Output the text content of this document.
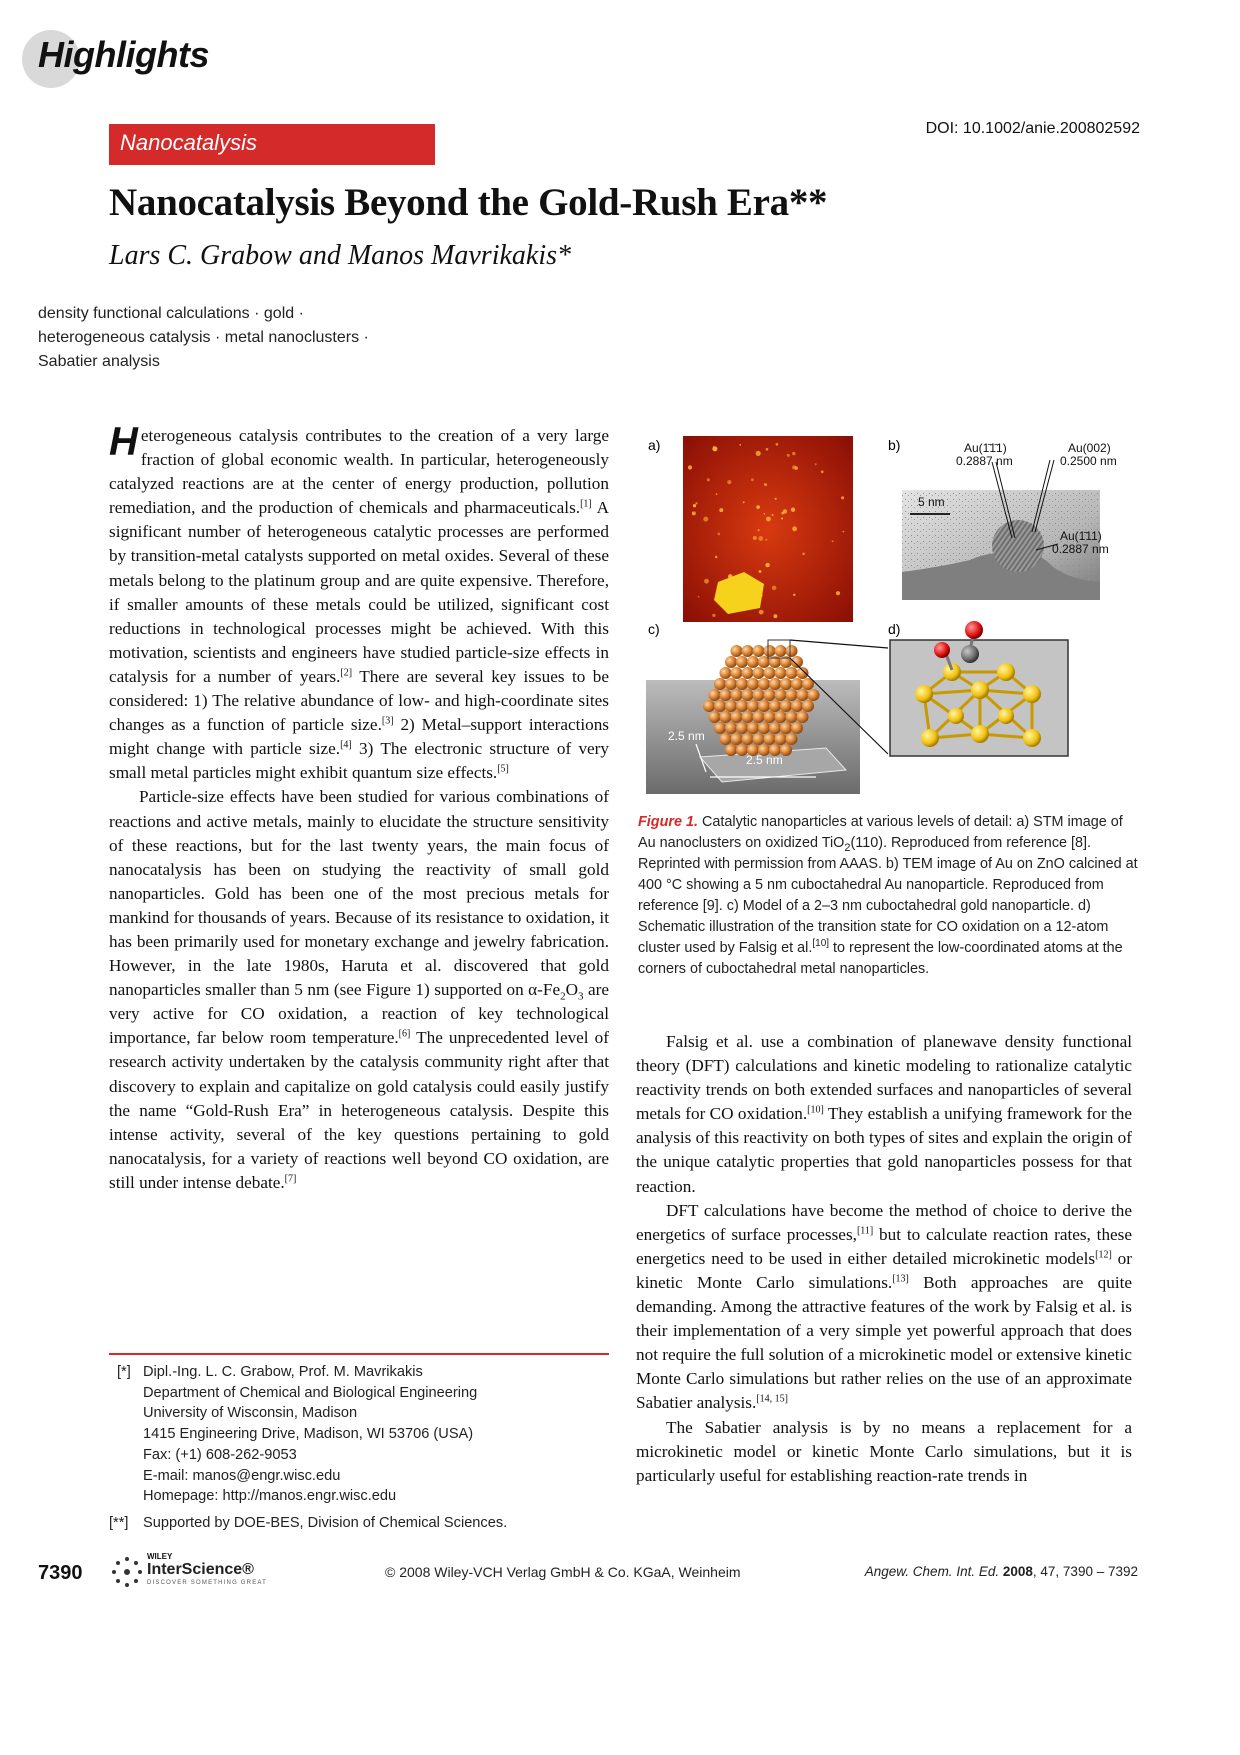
Highlights
Nanocatalysis
DOI: 10.1002/anie.200802592
Nanocatalysis Beyond the Gold-Rush Era**
Lars C. Grabow and Manos Mavrikakis*
density functional calculations · gold ·
heterogeneous catalysis · metal nanoclusters ·
Sabatier analysis

Heterogeneous catalysis contributes to the creation of a very large fraction of global economic wealth. In particular, heterogeneously catalyzed reactions are at the center of energy production, pollution remediation, and the production of chemicals and pharmaceuticals.[1] A significant number of heterogeneous catalytic processes are performed by transition-metal catalysts supported on metal oxides. Several of these metals belong to the platinum group and are quite expensive. Therefore, if smaller amounts of these metals could be utilized, significant cost reductions in technological processes might be achieved. With this motivation, scientists and engineers have studied particle-size effects in catalysis for a number of years.[2] There are several key issues to be considered: 1) The relative abundance of low- and high-coordinate sites changes as a function of particle size.[3] 2) Metal–support interactions might change with particle size.[4] 3) The electronic structure of very small metal particles might exhibit quantum size effects.[5]

Particle-size effects have been studied for various combinations of reactions and active metals, mainly to elucidate the structure sensitivity of these reactions, but for the last twenty years, the main focus of nanocatalysis has been on studying the reactivity of small gold nanoparticles. Gold has been one of the most precious metals for mankind for thousands of years. Because of its resistance to oxidation, it has been primarily used for monetary exchange and jewelry fabrication. However, in the late 1980s, Haruta et al. discovered that gold nanoparticles smaller than 5 nm (see Figure 1) supported on $\alpha-Fe_2O_3$ are very active for CO oxidation, a reaction of key technological importance, far below room temperature.[6] The unprecedented level of research activity undertaken by the catalysis community right after that discovery to explain and capitalize on gold catalysis could easily justify the name “Gold-Rush Era” in heterogeneous catalysis. Despite this intense activity, several of the key questions pertaining to gold nanocatalysis, for a variety of reactions well beyond CO oxidation, are still under intense debate.[7]

[*] Dipl.-Ing. L. C. Grabow, Prof. M. Mavrikakis
Department of Chemical and Biological Engineering
University of Wisconsin, Madison
1415 Engineering Drive, Madison, WI 53706 (USA)
Fax: (+1) 608-262-9053
E-mail: manos@engr.wisc.edu
Homepage: http://manos.engr.wisc.edu
[**] Supported by DOE-BES, Division of Chemical Sciences.
a)	b)
c)	d)
5 nm
Au(1̄1̄1)
0.2887 nm
Au(002)
0.2500 nm
Au(1̄11)
0.2887 nm
2.5 nm
2.5 nm
Figure 1. Catalytic nanoparticles at various levels of detail: a) STM image of Au nanoclusters on oxidized TiO$_2$(110). Reproduced from reference [8]. Reprinted with permission from AAAS. b) TEM image of Au on ZnO calcined at 400 °C showing a 5 nm cuboctahedral Au nanoparticle. Reproduced from reference [9]. c) Model of a 2–3 nm cuboctahedral gold nanoparticle. d) Schematic illustration of the transition state for CO oxidation on a 12-atom cluster used by Falsig et al.[10] to represent the low-coordinated atoms at the corners of cuboctahedral metal nanoparticles.

Falsig et al. use a combination of planewave density functional theory (DFT) calculations and kinetic modeling to rationalize catalytic reactivity trends on both extended surfaces and nanoparticles of several metals for CO oxidation.[10] They establish a unifying framework for the analysis of this reactivity on both types of sites and explain the origin of the unique catalytic properties that gold nanoparticles possess for that reaction.

DFT calculations have become the method of choice to derive the energetics of surface processes,[11] but to calculate reaction rates, these energetics need to be used in either detailed microkinetic models[12] or kinetic Monte Carlo simulations.[13] Both approaches are quite demanding. Among the attractive features of the work by Falsig et al. is their implementation of a very simple yet powerful approach that does not require the full solution of a microkinetic model or extensive kinetic Monte Carlo simulations but rather relies on the use of an approximate Sabatier analysis.[14, 15]

The Sabatier analysis is by no means a replacement for a microkinetic model or kinetic Monte Carlo simulations, but it is particularly useful for establishing reaction-rate trends in

7390
WILEY
InterScience®
DISCOVER SOMETHING GREAT
© 2008 Wiley-VCH Verlag GmbH & Co. KGaA, Weinheim	Angew. Chem. Int. Ed. 2008, 47, 7390 – 7392
